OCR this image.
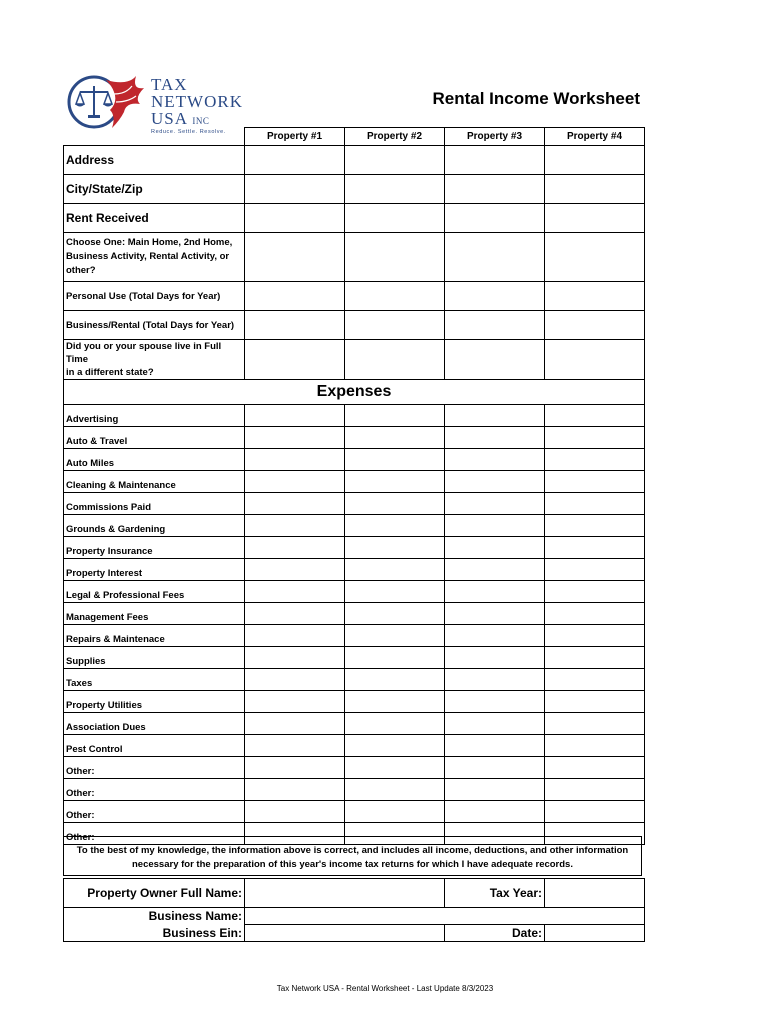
TAX
NETWORK
USA INC
Reduce. Settle. Resolve.
Rental Income Worksheet
	Property #1	Property #2	Property #3	Property #4
Address				
City/State/Zip				
Rent Received				
Choose One: Main Home, 2nd Home,
Business Activity, Rental Activity, or
other?				
Personal Use (Total Days for Year)				
Business/Rental (Total Days for Year)				
Did you or your spouse live in Full Time
in a different state?				
Expenses				
Advertising				
Auto & Travel				
Auto Miles				
Cleaning & Maintenance				
Commissions Paid				
Grounds & Gardening				
Property Insurance				
Property Interest				
Legal & Professional Fees				
Management Fees				
Repairs & Maintenace				
Supplies				
Taxes				
Property Utilities				
Association Dues				
Pest Control				
Other:				
Other:				
Other:				
Other:				
To the best of my knowledge, the information above is correct, and includes all income, deductions, and other information
necessary for the preparation of this year's income tax returns for which I have adequate records.
Property Owner Full Name:		Tax Year:	
Business Name:			
Business Ein:		Date:	
Tax Network USA - Rental Worksheet - Last Update 8/3/2023
